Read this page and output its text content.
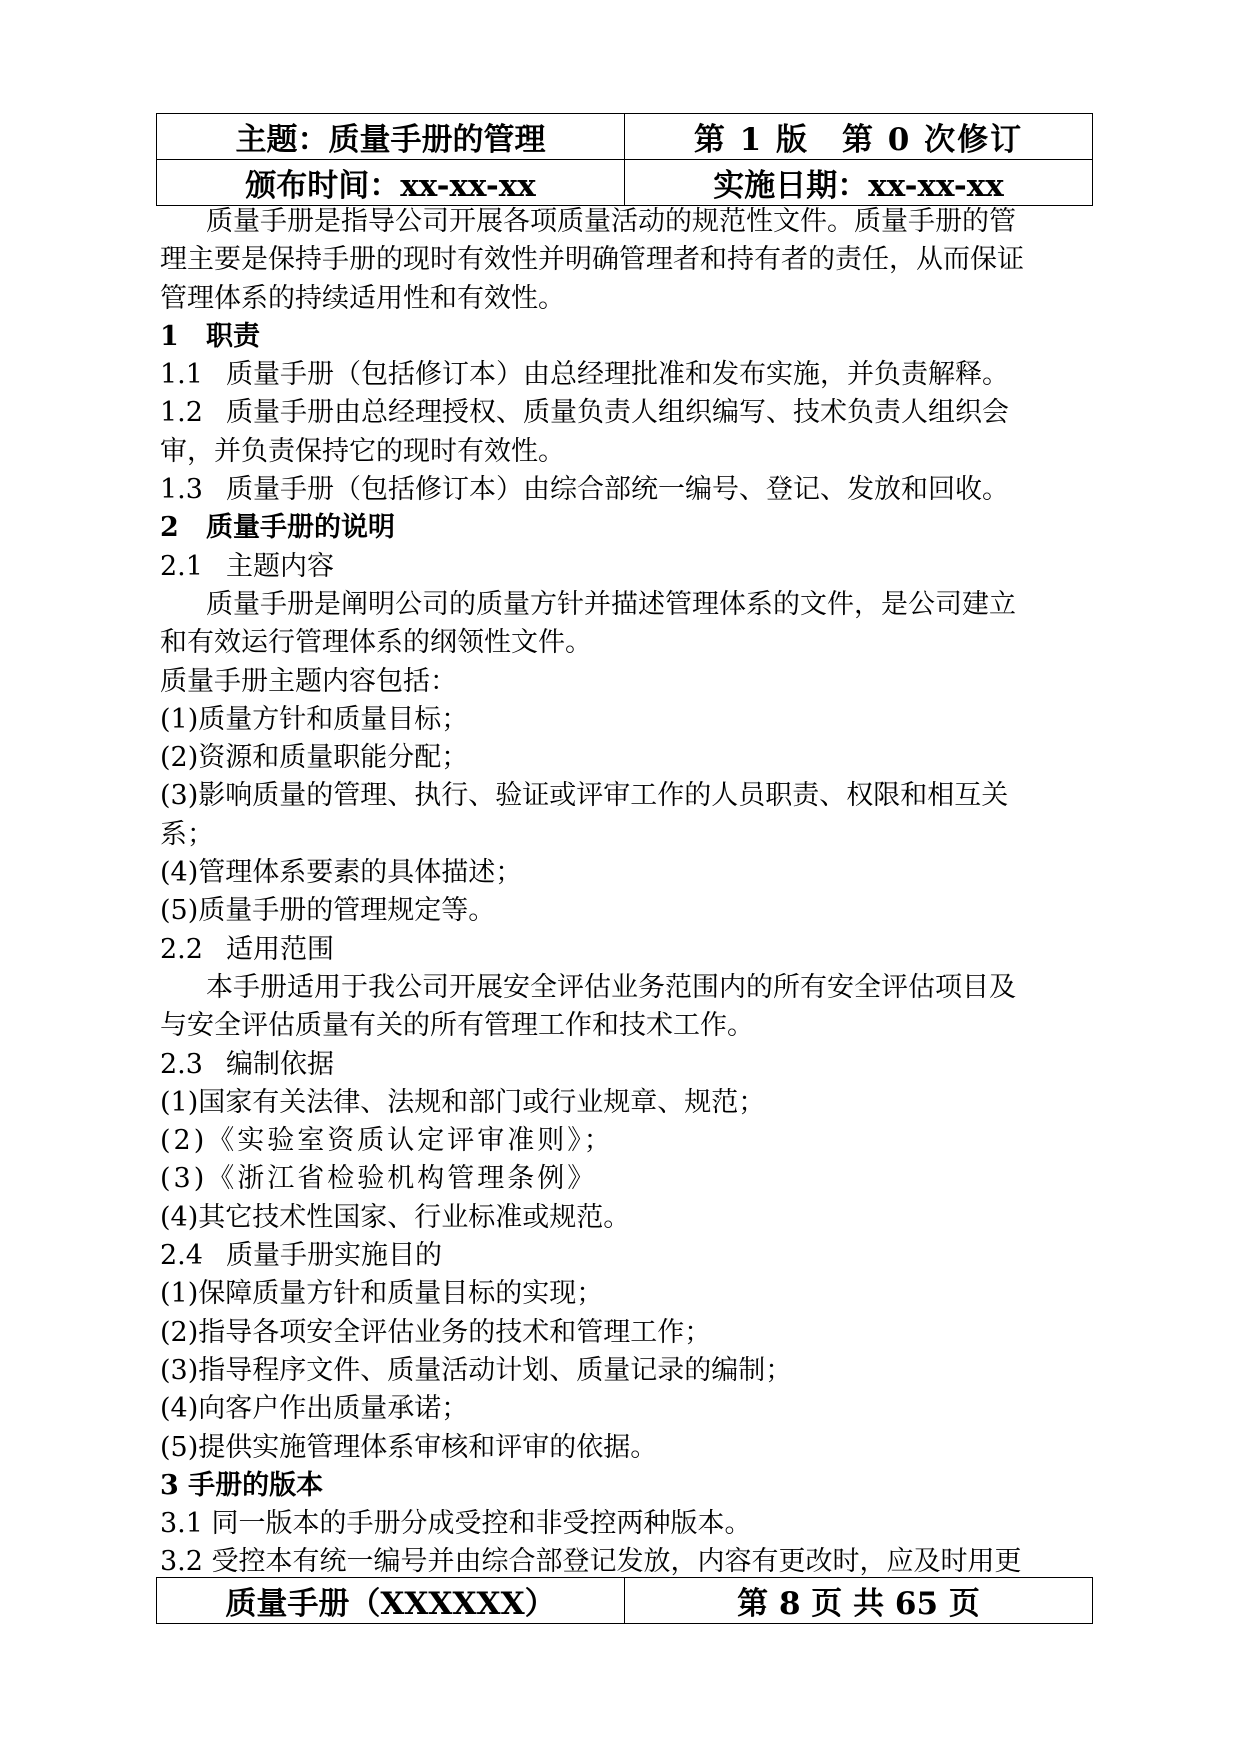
主题：质量手册的管理	第 1 版　第 0 次修订
颁布时间：xx-xx-xx	实施日期：xx-xx-xx
质量手册是指导公司开展各项质量活动的规范性文件。质量手册的管
理主要是保持手册的现时有效性并明确管理者和持有者的责任，从而保证
管理体系的持续适用性和有效性。
1 职责
1.1 质量手册（包括修订本）由总经理批准和发布实施，并负责解释。
1.2 质量手册由总经理授权、质量负责人组织编写、技术负责人组织会
审，并负责保持它的现时有效性。
1.3 质量手册（包括修订本）由综合部统一编号、登记、发放和回收。
2 质量手册的说明
2.1 主题内容
质量手册是阐明公司的质量方针并描述管理体系的文件，是公司建立
和有效运行管理体系的纲领性文件。
质量手册主题内容包括：
(1)质量方针和质量目标；
(2)资源和质量职能分配；
(3)影响质量的管理、执行、验证或评审工作的人员职责、权限和相互关
系；
(4)管理体系要素的具体描述；
(5)质量手册的管理规定等。
2.2 适用范围
本手册适用于我公司开展安全评估业务范围内的所有安全评估项目及
与安全评估质量有关的所有管理工作和技术工作。
2.3 编制依据
(1)国家有关法律、法规和部门或行业规章、规范；
(2)《实验室资质认定评审准则》；
(3)《浙江省检验机构管理条例》
(4)其它技术性国家、行业标准或规范。
2.4 质量手册实施目的
(1)保障质量方针和质量目标的实现；
(2)指导各项安全评估业务的技术和管理工作；
(3)指导程序文件、质量活动计划、质量记录的编制；
(4)向客户作出质量承诺；
(5)提供实施管理体系审核和评审的依据。
3 手册的版本
3.1 同一版本的手册分成受控和非受控两种版本。
3.2 受控本有统一编号并由综合部登记发放，内容有更改时，应及时用更
质量手册（XXXXXX）	第 8 页 共 65 页
